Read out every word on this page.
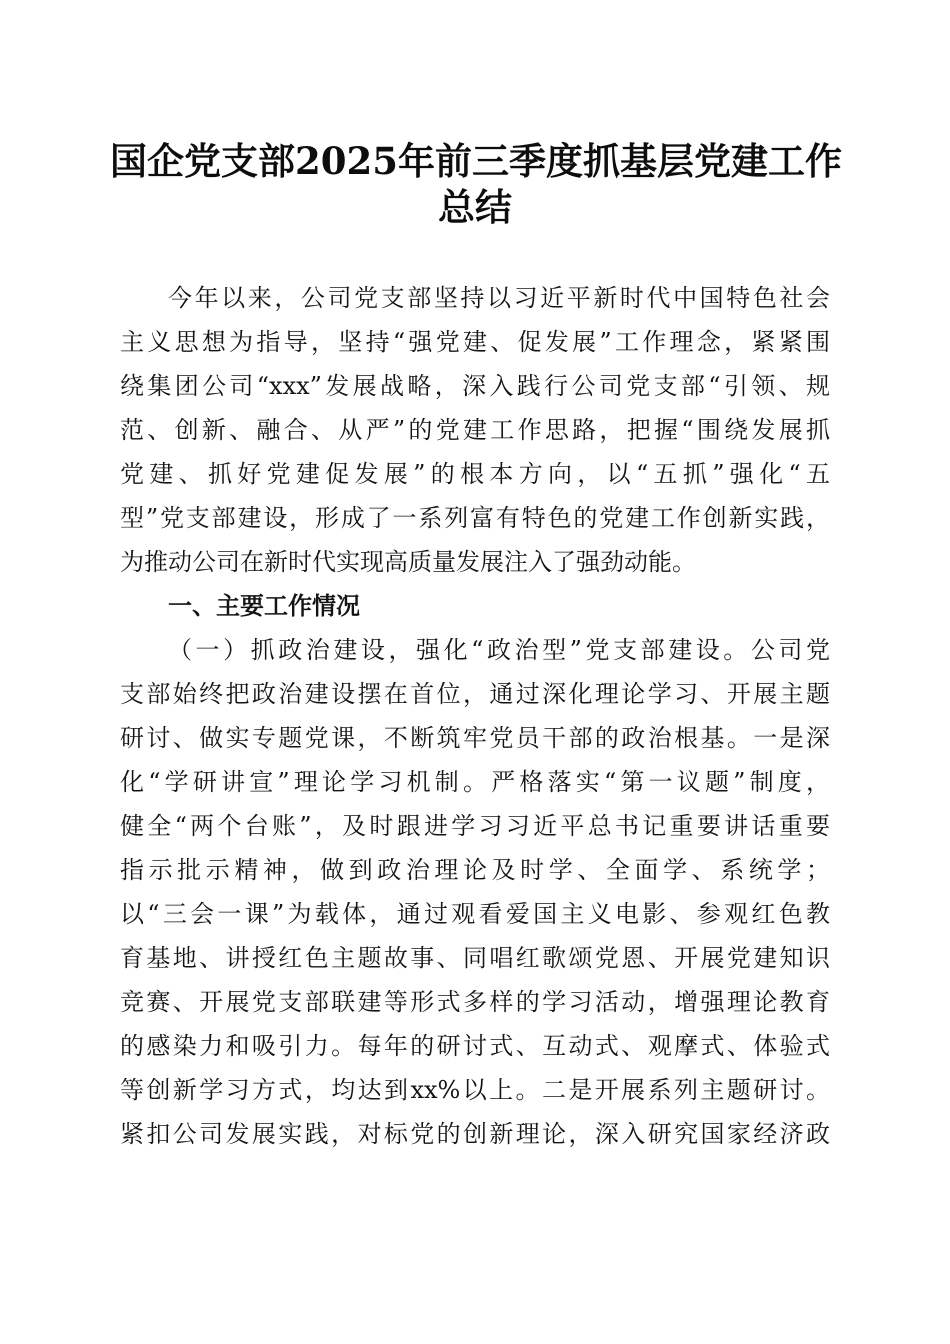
国企党支部2025年前三季度抓基层党建工作
总结
今年以来，公司党支部坚持以习近平新时代中国特色社会
主义思想为指导，坚持“强党建、促发展”工作理念，紧紧围
绕集团公司“xxx”发展战略，深入践行公司党支部“引领、规
范、创新、融合、从严”的党建工作思路，把握“围绕发展抓
党建、抓好党建促发展”的根本方向，以“五抓”强化“五
型”党支部建设，形成了一系列富有特色的党建工作创新实践，
为推动公司在新时代实现高质量发展注入了强劲动能。
一、主要工作情况
（一）抓政治建设，强化“政治型”党支部建设。公司党
支部始终把政治建设摆在首位，通过深化理论学习、开展主题
研讨、做实专题党课，不断筑牢党员干部的政治根基。一是深
化“学研讲宣”理论学习机制。严格落实“第一议题”制度，
健全“两个台账”，及时跟进学习习近平总书记重要讲话重要
指示批示精神，做到政治理论及时学、全面学、系统学；
以“三会一课”为载体，通过观看爱国主义电影、参观红色教
育基地、讲授红色主题故事、同唱红歌颂党恩、开展党建知识
竞赛、开展党支部联建等形式多样的学习活动，增强理论教育
的感染力和吸引力。每年的研讨式、互动式、观摩式、体验式
等创新学习方式，均达到xx%以上。二是开展系列主题研讨。
紧扣公司发展实践，对标党的创新理论，深入研究国家经济政
